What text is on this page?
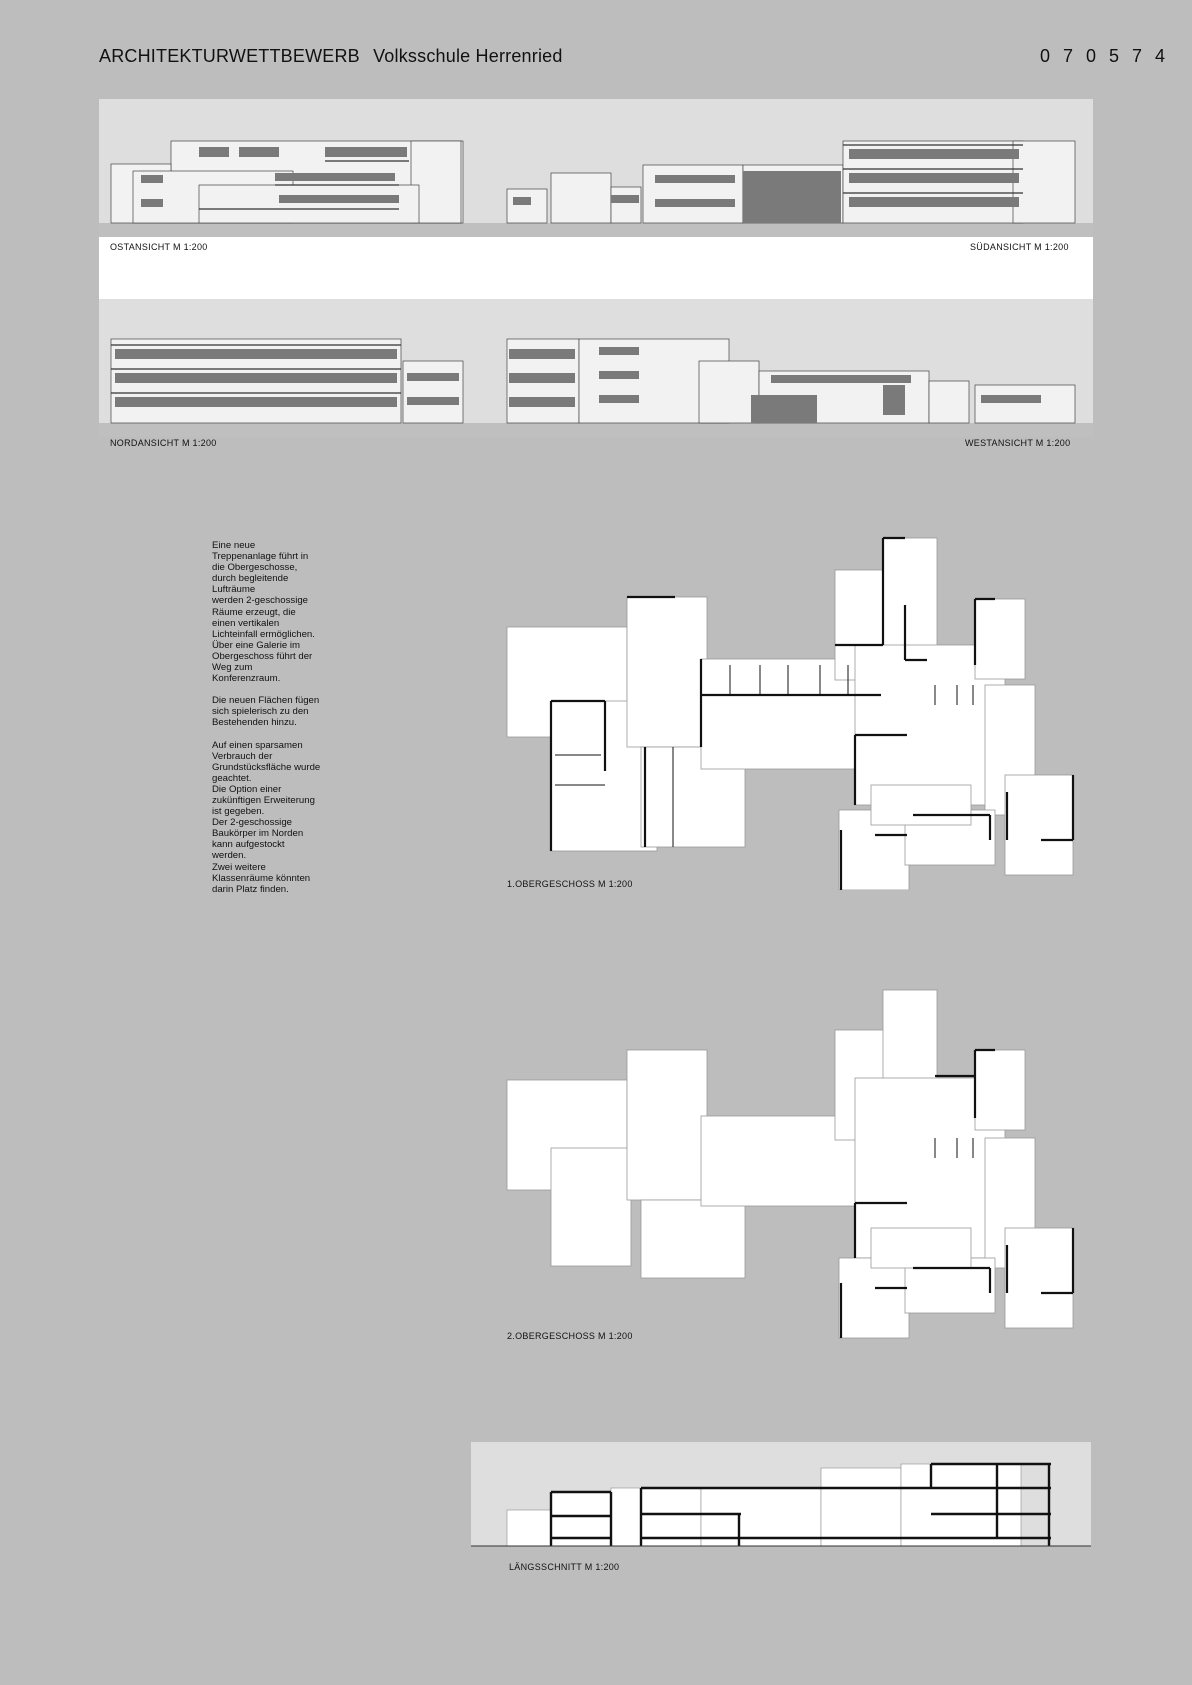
ARCHITEKTURWETTBEWERB Volksschule Herrenried	0 7 0 5 7 4
OSTANSICHT M 1:200	SÜDANSICHT M 1:200
NORDANSICHT M 1:200	WESTANSICHT M 1:200

Eine neue
Treppenanlage führt in
die Obergeschosse,
durch begleitende
Lufträume
werden 2-geschossige
Räume erzeugt, die
einen vertikalen
Lichteinfall ermöglichen.
Über eine Galerie im
Obergeschoss führt der
Weg zum
Konferenzraum.

Die neuen Flächen fügen
sich spielerisch zu den
Bestehenden hinzu.

Auf einen sparsamen
Verbrauch der
Grundstücksfläche wurde
geachtet.
Die Option einer
zukünftigen Erweiterung
ist gegeben.
Der 2-geschossige
Baukörper im Norden
kann aufgestockt
werden.
Zwei weitere
Klassenräume könnten
darin Platz finden.	1.OBERGESCHOSS M 1:200
2.OBERGESCHOSS M 1:200
LÄNGSSCHNITT M 1:200
